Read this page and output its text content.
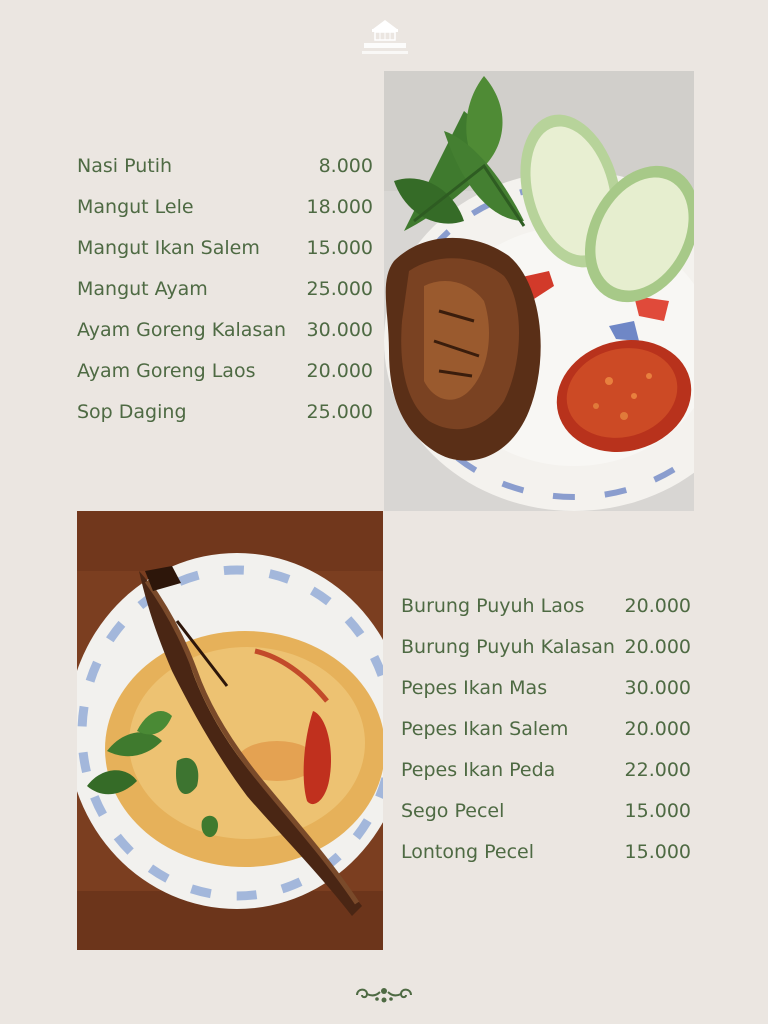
Nasi Putih	8.000
Mangut Lele	18.000
Mangut Ikan Salem 15.000
Mangut Ayam	25.000
Ayam Goreng Kalasan 30.000
Ayam Goreng Laos	20.000
Sop Daging	25.000
Burung Puyuh Laos 20.000
Burung Puyuh Kalasan 20.000
Pepes Ikan Mas	30.000
Pepes Ikan Salem	20.000
Pepes Ikan Peda	22.000
Sego Pecel	15.000
Lontong Pecel	15.000
